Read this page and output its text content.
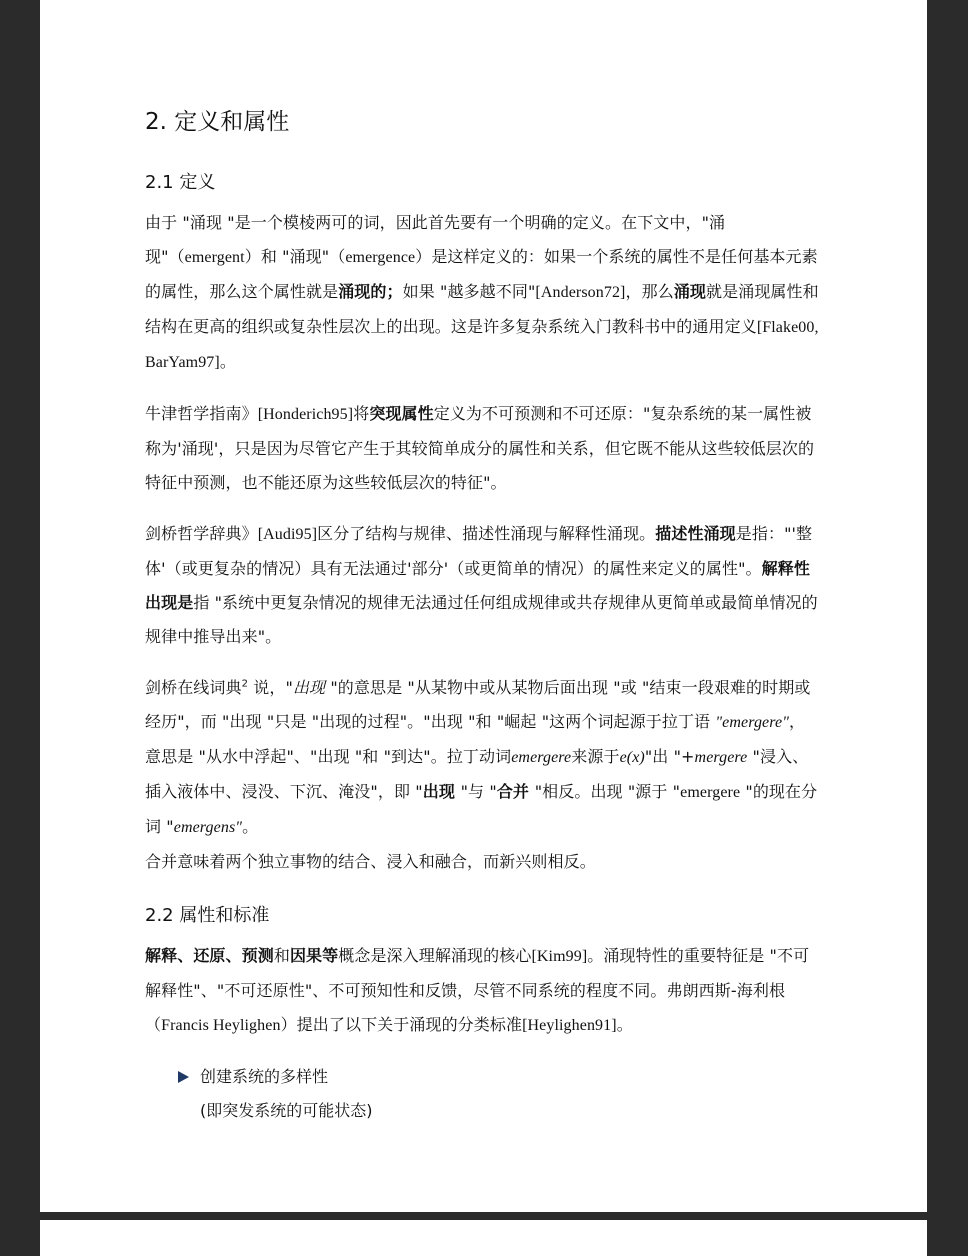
2. 定义和属性
2.1 定义

由于 "涌现 "是一个模棱两可的词，因此首先要有一个明确的定义。在下文中，"涌现"（emergent）和 "涌现"（emergence）是这样定义的：如果一个系统的属性不是任何基本元素的属性，那么这个属性就是涌现的；如果 "越多越不同"[Anderson72]，那么涌现就是涌现属性和结构在更高的组织或复杂性层次上的出现。这是许多复杂系统入门教科书中的通用定义[Flake00, BarYam97]。

牛津哲学指南》[Honderich95]将突现属性定义为不可预测和不可还原："复杂系统的某一属性被称为'涌现'，只是因为尽管它产生于其较简单成分的属性和关系，但它既不能从这些较低层次的特征中预测，也不能还原为这些较低层次的特征"。

剑桥哲学辞典》[Audi95]区分了结构与规律、描述性涌现与解释性涌现。描述性涌现是指："'整体'（或更复杂的情况）具有无法通过'部分'（或更简单的情况）的属性来定义的属性"。解释性出现是指 "系统中更复杂情况的规律无法通过任何组成规律或共存规律从更简单或最简单情况的规律中推导出来"。

剑桥在线词典$^2$ 说，"出现 "的意思是 "从某物中或从某物后面出现 "或 "结束一段艰难的时期或经历"，而 "出现 "只是 "出现的过程"。"出现 "和 "崛起 "这两个词起源于拉丁语 "emergere"，意思是 "从水中浮起"、"出现 "和 "到达"。拉丁动词emergere来源于e(x)"出 "+mergere "浸入、插入液体中、浸没、下沉、淹没"，即 "出现 "与 "合并 "相反。出现 "源于 "emergere "的现在分词 "emergens"。

合并意味着两个独立事物的结合、浸入和融合，而新兴则相反。

2.2 属性和标准

解释、还原、预测和因果等概念是深入理解涌现的核心[Kim99]。涌现特性的重要特征是 "不可解释性"、"不可还原性"、不可预知性和反馈，尽管不同系统的程度不同。弗朗西斯-海利根（Francis Heylighen）提出了以下关于涌现的分类标准[Heylighen91]。

创建系统的多样性
(即突发系统的可能状态)
